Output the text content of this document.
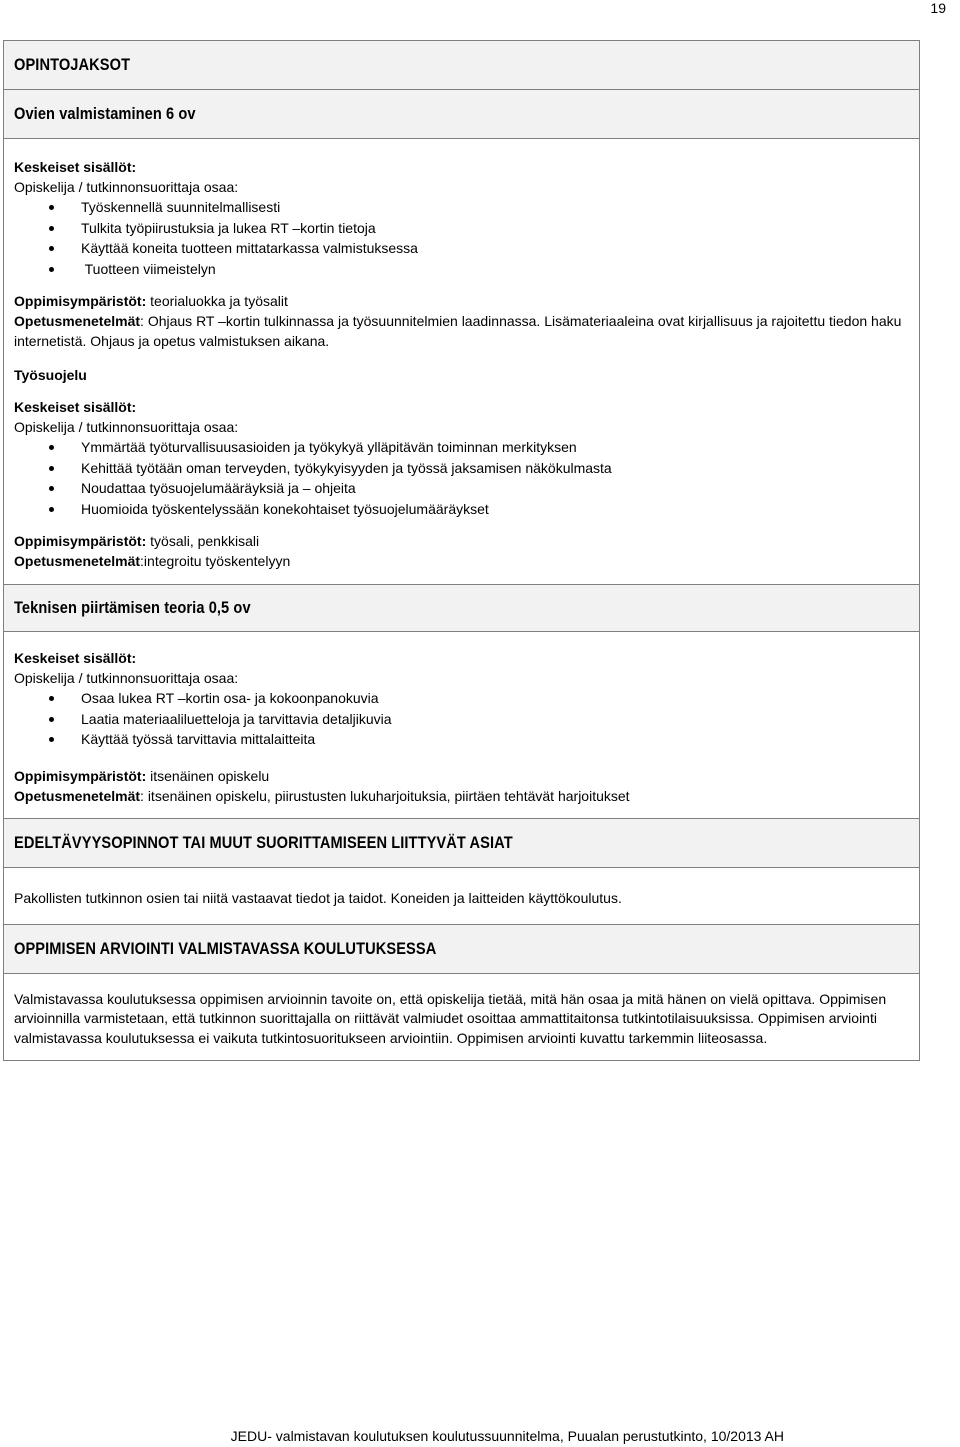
19
OPINTOJAKSOT
Ovien valmistaminen 6 ov

Keskeiset sisällöt:

Opiskelija / tutkinnonsuorittaja osaa:

Työskennellä suunnitelmallisesti
Tulkita työpiirustuksia ja lukea RT –kortin tietoja
Käyttää koneita tuotteen mittatarkassa valmistuksessa
Tuotteen viimeistelyn

Oppimisympäristöt: teorialuokka ja työsalit

Opetusmenetelmät: Ohjaus RT –kortin tulkinnassa ja työsuunnitelmien laadinnassa. Lisämateriaaleina ovat kirjallisuus ja rajoitettu tiedon haku internetistä. Ohjaus ja opetus valmistuksen aikana.

Työsuojelu

Keskeiset sisällöt:

Opiskelija / tutkinnonsuorittaja osaa:

Ymmärtää työturvallisuusasioiden ja työkykyä ylläpitävän toiminnan merkityksen
Kehittää työtään oman terveyden, työkykyisyyden ja työssä jaksamisen näkökulmasta
Noudattaa työsuojelumääräyksiä ja – ohjeita
Huomioida työskentelyssään konekohtaiset työsuojelumääräykset

Oppimisympäristöt: työsali, penkkisali

Opetusmenetelmät:integroitu työskentelyyn

Teknisen piirtämisen teoria 0,5 ov

Keskeiset sisällöt:

Opiskelija / tutkinnonsuorittaja osaa:

Osaa lukea RT –kortin osa- ja kokoonpanokuvia
Laatia materiaaliluetteloja ja tarvittavia detaljikuvia
Käyttää työssä tarvittavia mittalaitteita

Oppimisympäristöt: itsenäinen opiskelu

Opetusmenetelmät: itsenäinen opiskelu, piirustusten lukuharjoituksia, piirtäen tehtävät harjoitukset

EDELTÄVYYSOPINNOT TAI MUUT SUORITTAMISEEN LIITTYVÄT ASIAT

Pakollisten tutkinnon osien tai niitä vastaavat tiedot ja taidot. Koneiden ja laitteiden käyttökoulutus.

OPPIMISEN ARVIOINTI VALMISTAVASSA KOULUTUKSESSA

Valmistavassa koulutuksessa oppimisen arvioinnin tavoite on, että opiskelija tietää, mitä hän osaa ja mitä hänen on vielä opittava. Oppimisen arvioinnilla varmistetaan, että tutkinnon suorittajalla on riittävät valmiudet osoittaa ammattitaitonsa tutkintotilaisuuksissa. Oppimisen arviointi valmistavassa koulutuksessa ei vaikuta tutkintosuoritukseen arviointiin. Oppimisen arviointi kuvattu tarkemmin liiteosassa.

JEDU- valmistavan koulutuksen koulutussuunnitelma, Puualan perustutkinto, 10/2013 AH
